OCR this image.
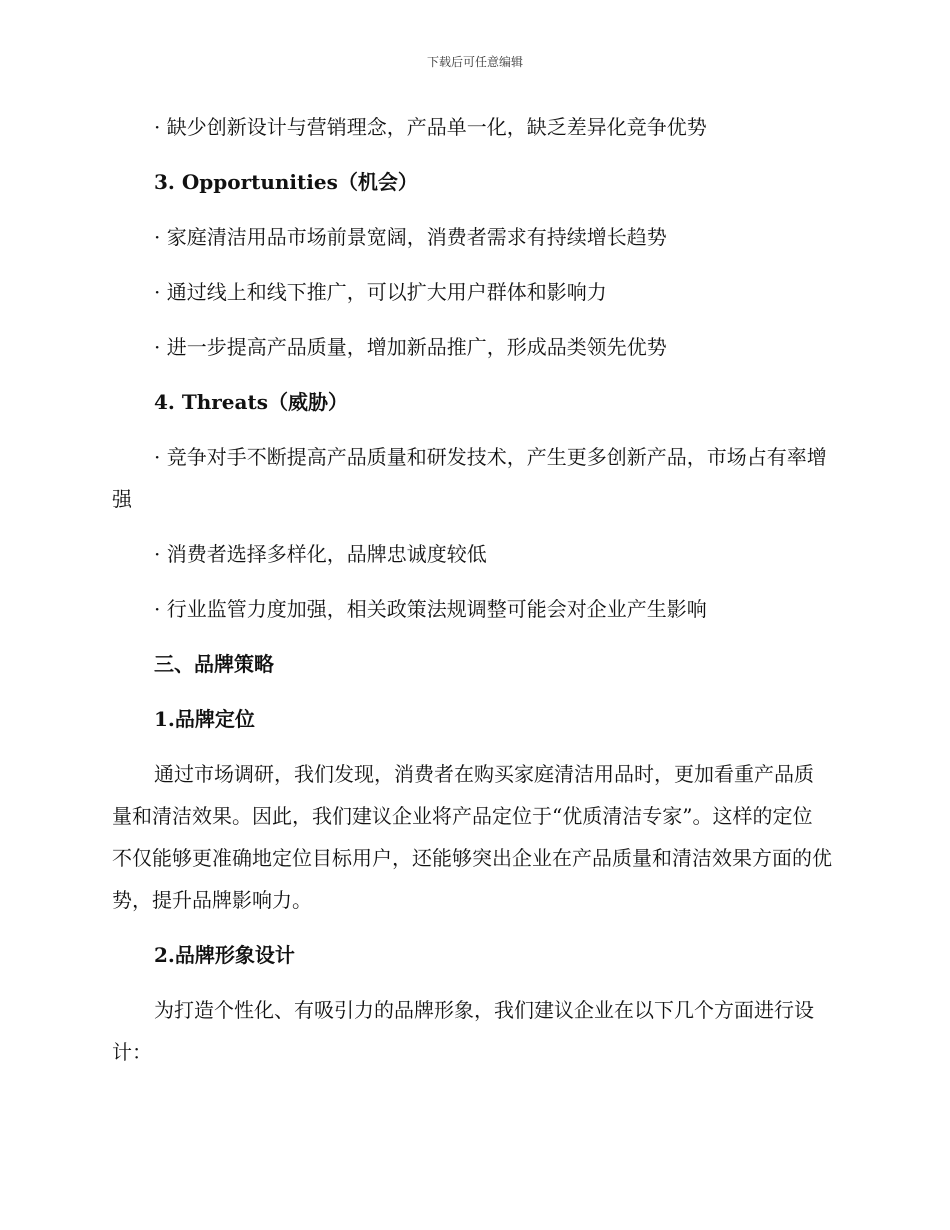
下载后可任意编辑

· 缺少创新设计与营销理念，产品单一化，缺乏差异化竞争优势

3. Opportunities（机会）

· 家庭清洁用品市场前景宽阔，消费者需求有持续增长趋势

· 通过线上和线下推广，可以扩大用户群体和影响力

· 进一步提高产品质量，增加新品推广，形成品类领先优势

4. Threats（威胁）

· 竞争对手不断提高产品质量和研发技术，产生更多创新产品，市场占有率增强

· 消费者选择多样化，品牌忠诚度较低

· 行业监管力度加强，相关政策法规调整可能会对企业产生影响

三、品牌策略

1.品牌定位

通过市场调研，我们发现，消费者在购买家庭清洁用品时，更加看重产品质量和清洁效果。因此，我们建议企业将产品定位于“优质清洁专家”。这样的定位不仅能够更准确地定位目标用户，还能够突出企业在产品质量和清洁效果方面的优势，提升品牌影响力。

2.品牌形象设计

为打造个性化、有吸引力的品牌形象，我们建议企业在以下几个方面进行设计：
